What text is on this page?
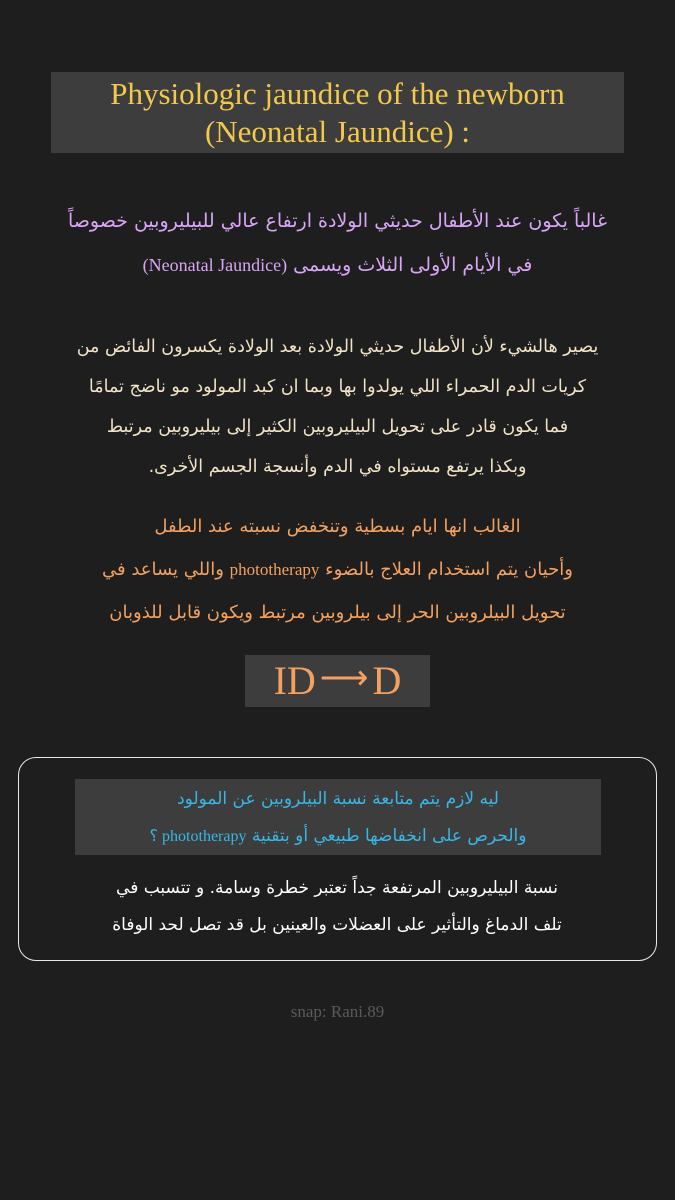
Physiologic jaundice of the newborn
(Neonatal Jaundice) :
غالباً يكون عند الأطفال حديثي الولادة ارتفاع عالي للبيليروبين خصوصاً
في الأيام الأولى الثلاث ويسمى (Neonatal Jaundice)
يصير هالشيء لأن الأطفال حديثي الولادة بعد الولادة يكسرون الفائض من
كريات الدم الحمراء اللي يولدوا بها وبما ان كبد المولود مو ناضج تمامًا
فما يكون قادر على تحويل البيليروبين الكثير إلى بيليروبين مرتبط
وبكذا يرتفع مستواه في الدم وأنسجة الجسم الأخرى.
الغالب انها ايام بسطية وتنخفض نسبته عند الطفل
وأحيان يتم استخدام العلاج بالضوء phototherapy واللي يساعد في
تحويل البيلروبين الحر إلى بيلروبين مرتبط ويكون قابل للذوبان
ID ⟶ D
ليه لازم يتم متابعة نسبة البيلروبين عن المولود
والحرص على انخفاضها طبيعي أو بتقنية phototherapy ؟
نسبة البيليروبين المرتفعة جداً تعتبر خطرة وسامة. و تتسبب في
تلف الدماغ والتأثير على العضلات والعينين بل قد تصل لحد الوفاة
snap: Rani.89
